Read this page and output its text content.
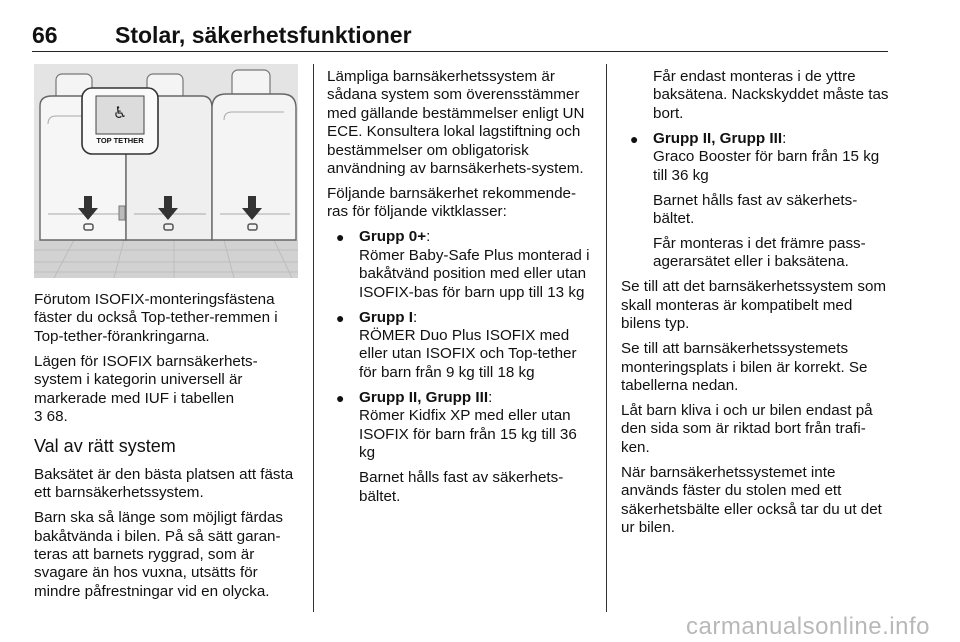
66 Stolar, säkerhetsfunktioner
♿
TOP TETHER

Förutom ISOFIX-monteringsfästena fäster du också Top-tether-remmen i Top-tether-förankringarna.

Lägen för ISOFIX barnsäkerhets-system i kategorin universell är markerade med IUF i tabellen
3 68.

Val av rätt system

Baksätet är den bästa platsen att fästa ett barnsäkerhetssystem.

Barn ska så länge som möjligt färdas bakåtvända i bilen. På så sätt garan-teras att barnets ryggrad, som är svagare än hos vuxna, utsätts för mindre påfrestningar vid en olycka.

Lämpliga barnsäkerhetssystem är sådana system som överensstämmer med gällande bestämmelser enligt UN ECE. Konsultera lokal lagstiftning och bestämmelser om obligatorisk användning av barnsäkerhets-system.

Följande barnsäkerhet rekommende-ras för följande viktklasser:

● Grupp 0+:
Römer Baby-Safe Plus monterad i bakåtvänd position med eller utan ISOFIX-bas för barn upp till 13 kg
● Grupp I:
RÖMER Duo Plus ISOFIX med eller utan ISOFIX och Top-tether för barn från 9 kg till 18 kg
● Grupp II, Grupp III:
Römer Kidfix XP med eller utan ISOFIX för barn från 15 kg till 36 kg

Barnet hålls fast av säkerhets-bältet.

Får endast monteras i de yttre baksätena. Nackskyddet måste tas bort.

● Grupp II, Grupp III:
Graco Booster för barn från 15 kg till 36 kg

Barnet hålls fast av säkerhets-bältet.

Får monteras i det främre pass-agerarsätet eller i baksätena.

Se till att det barnsäkerhetssystem som skall monteras är kompatibelt med bilens typ.

Se till att barnsäkerhetssystemets monteringsplats i bilen är korrekt. Se tabellerna nedan.

Låt barn kliva i och ur bilen endast på den sida som är riktad bort från trafi-ken.

När barnsäkerhetssystemet inte används fäster du stolen med ett säkerhetsbälte eller också tar du ut det ur bilen.

carmanualsonline.info
